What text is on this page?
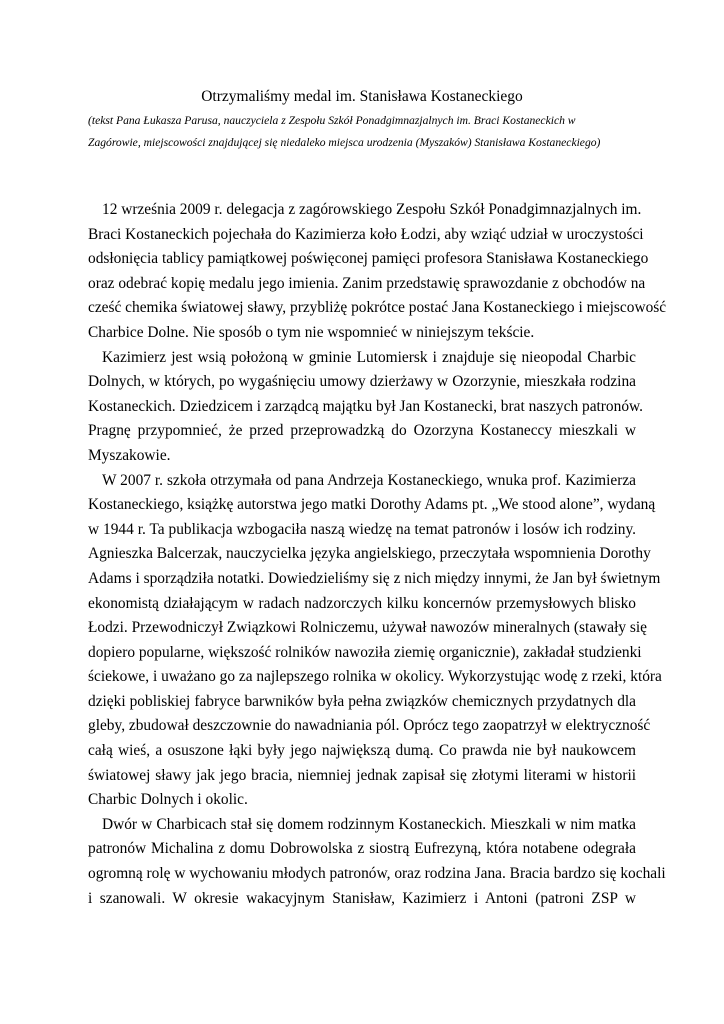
Otrzymaliśmy medal im. Stanisława Kostaneckiego

(tekst Pana Łukasza Parusa, nauczyciela z Zespołu Szkół Ponadgimnazjalnych im. Braci Kostaneckich w
Zagórowie, miejscowości znajdującej się niedaleko miejsca urodzenia (Myszaków) Stanisława Kostaneckiego)

12 września 2009 r. delegacja z zagórowskiego Zespołu Szkół Ponadgimnazjalnych im.
Braci Kostaneckich pojechała do Kazimierza koło Łodzi, aby wziąć udział w uroczystości
odsłonięcia tablicy pamiątkowej poświęconej pamięci profesora Stanisława Kostaneckiego
oraz odebrać kopię medalu jego imienia. Zanim przedstawię sprawozdanie z obchodów na
cześć chemika światowej sławy, przybliżę pokrótce postać Jana Kostaneckiego i miejscowość
Charbice Dolne. Nie sposób o tym nie wspomnieć w niniejszym tekście.

Kazimierz jest wsią położoną w gminie Lutomiersk i znajduje się nieopodal Charbic
Dolnych, w których, po wygaśnięciu umowy dzierżawy w Ozorzynie, mieszkała rodzina
Kostaneckich. Dziedzicem i zarządcą majątku był Jan Kostanecki, brat naszych patronów.
Pragnę przypomnieć, że przed przeprowadzką do Ozorzyna Kostaneccy mieszkali w
Myszakowie.

W 2007 r. szkoła otrzymała od pana Andrzeja Kostaneckiego, wnuka prof. Kazimierza
Kostaneckiego, książkę autorstwa jego matki Dorothy Adams pt. „We stood alone”, wydaną
w 1944 r. Ta publikacja wzbogaciła naszą wiedzę na temat patronów i losów ich rodziny.
Agnieszka Balcerzak, nauczycielka języka angielskiego, przeczytała wspomnienia Dorothy
Adams i sporządziła notatki. Dowiedzieliśmy się z nich między innymi, że Jan był świetnym
ekonomistą działającym w radach nadzorczych kilku koncernów przemysłowych blisko
Łodzi. Przewodniczył Związkowi Rolniczemu, używał nawozów mineralnych (stawały się
dopiero popularne, większość rolników nawoziła ziemię organicznie), zakładał studzienki
ściekowe, i uważano go za najlepszego rolnika w okolicy. Wykorzystując wodę z rzeki, która
dzięki pobliskiej fabryce barwników była pełna związków chemicznych przydatnych dla
gleby, zbudował deszczownie do nawadniania pól. Oprócz tego zaopatrzył w elektryczność
całą wieś, a osuszone łąki były jego największą dumą. Co prawda nie był naukowcem
światowej sławy jak jego bracia, niemniej jednak zapisał się złotymi literami w historii
Charbic Dolnych i okolic.

Dwór w Charbicach stał się domem rodzinnym Kostaneckich. Mieszkali w nim matka
patronów Michalina z domu Dobrowolska z siostrą Eufrezyną, która notabene odegrała
ogromną rolę w wychowaniu młodych patronów, oraz rodzina Jana. Bracia bardzo się kochali
i szanowali. W okresie wakacyjnym Stanisław, Kazimierz i Antoni (patroni ZSP w
